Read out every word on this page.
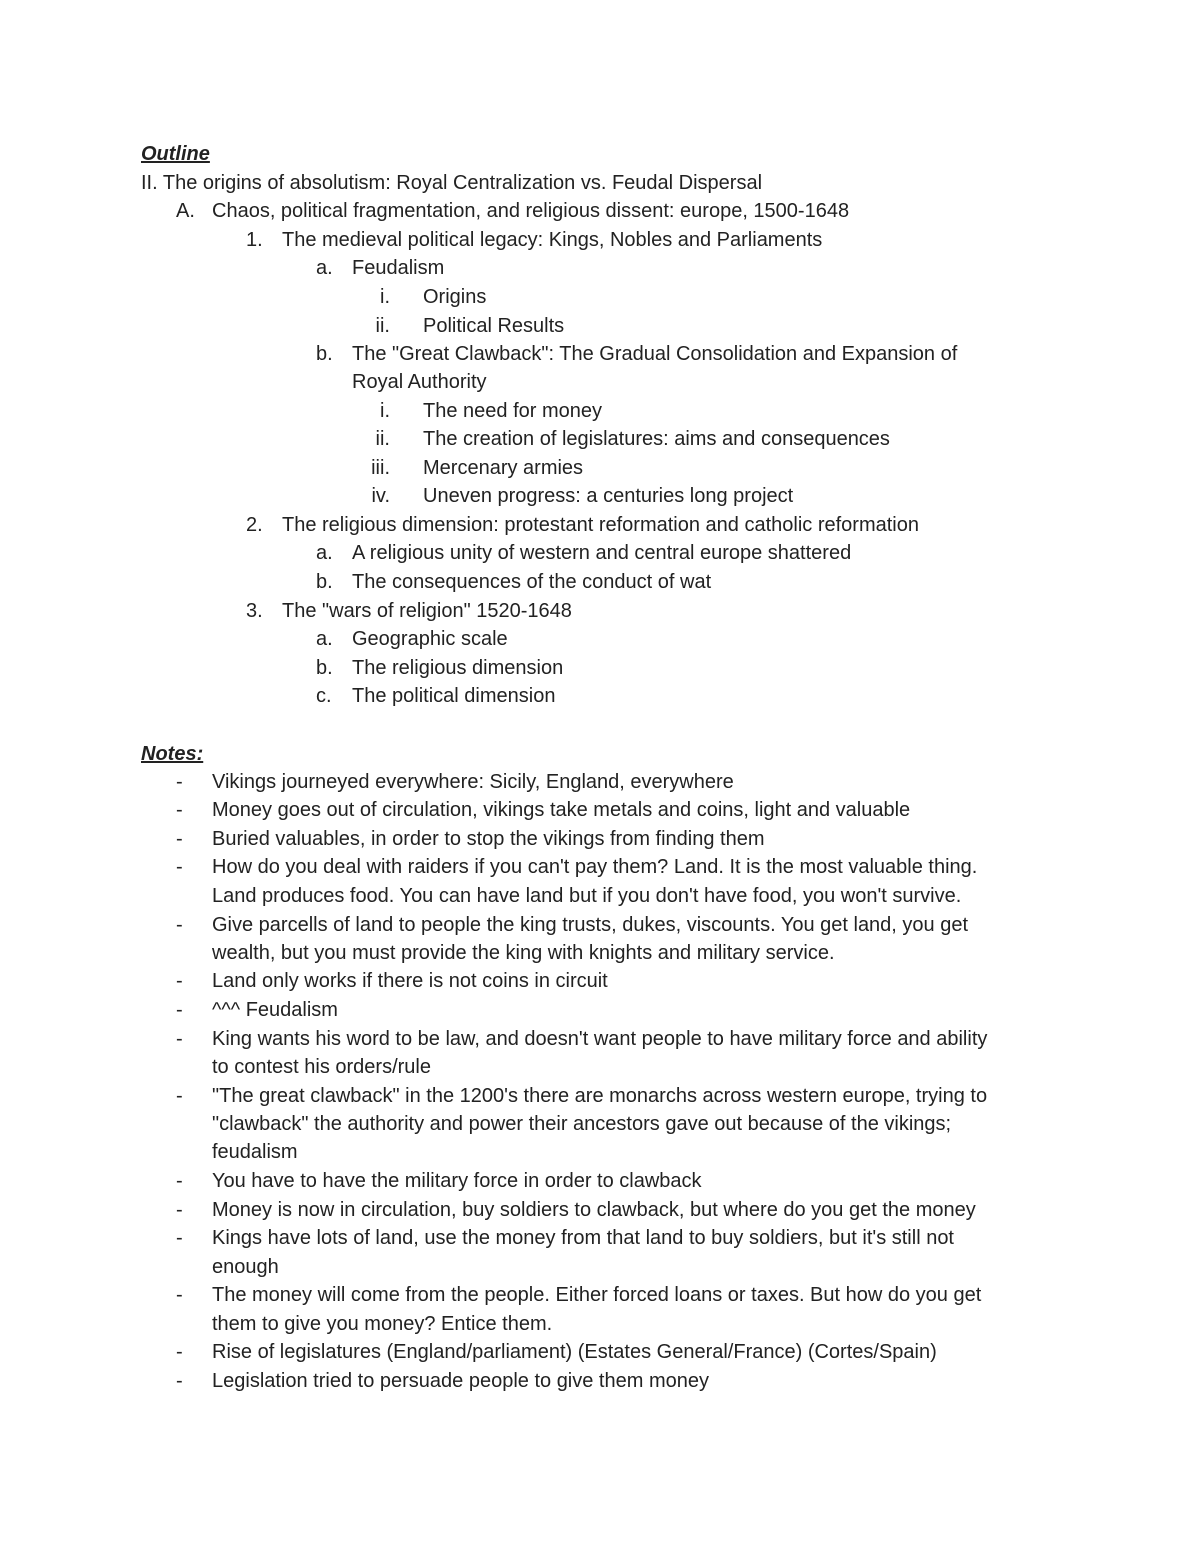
Outline
II. The origins of absolutism: Royal Centralization vs. Feudal Dispersal
A. Chaos, political fragmentation, and religious dissent: europe, 1500-1648
1. The medieval political legacy: Kings, Nobles and Parliaments
a. Feudalism
i. Origins
ii. Political Results
b. The "Great Clawback": The Gradual Consolidation and Expansion of
Royal Authority
i. The need for money
ii. The creation of legislatures: aims and consequences
iii. Mercenary armies
iv. Uneven progress: a centuries long project
2. The religious dimension: protestant reformation and catholic reformation
a. A religious unity of western and central europe shattered
b. The consequences of the conduct of wat
3. The "wars of religion" 1520-1648
a. Geographic scale
b. The religious dimension
c. The political dimension
Notes:
- Vikings journeyed everywhere: Sicily, England, everywhere
- Money goes out of circulation, vikings take metals and coins, light and valuable
- Buried valuables, in order to stop the vikings from finding them
- How do you deal with raiders if you can't pay them? Land. It is the most valuable thing.
Land produces food. You can have land but if you don't have food, you won't survive.
- Give parcells of land to people the king trusts, dukes, viscounts. You get land, you get
wealth, but you must provide the king with knights and military service.
- Land only works if there is not coins in circuit
- ^^^ Feudalism
- King wants his word to be law, and doesn't want people to have military force and ability
to contest his orders/rule
- "The great clawback" in the 1200's there are monarchs across western europe, trying to
"clawback" the authority and power their ancestors gave out because of the vikings;
feudalism
- You have to have the military force in order to clawback
- Money is now in circulation, buy soldiers to clawback, but where do you get the money
- Kings have lots of land, use the money from that land to buy soldiers, but it's still not
enough
- The money will come from the people. Either forced loans or taxes. But how do you get
them to give you money? Entice them.
- Rise of legislatures (England/parliament) (Estates General/France) (Cortes/Spain)
- Legislation tried to persuade people to give them money
